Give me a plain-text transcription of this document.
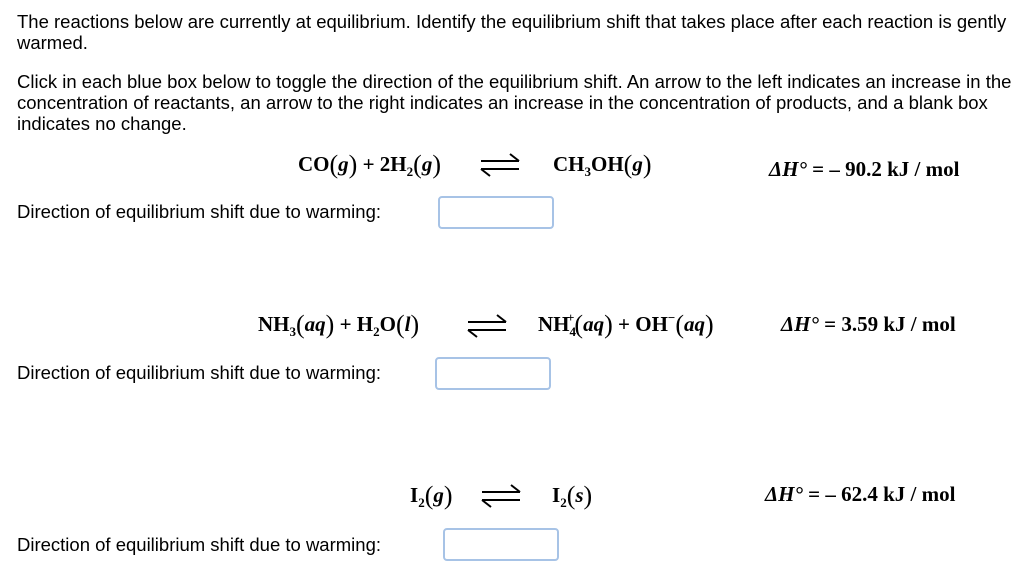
The reactions below are currently at equilibrium. Identify the equilibrium shift that takes place after each reaction is gently warmed.

Click in each blue box below to toggle the direction of the equilibrium shift. An arrow to the left indicates an increase in the concentration of reactants, an arrow to the right indicates an increase in the concentration of products, and a blank box indicates no change.

$CO(g) + 2H_2(g)$	$CH_3OH(g)$	ΔH° = – 90.2 kJ / mol
Direction of equilibrium shift due to warming:
$NH_3(aq) + H_2O(l)$	$NH_4^+(aq) + OH^-(aq)$	ΔH° = 3.59 kJ / mol
Direction of equilibrium shift due to warming:
$I_2(g)$	$I_2(s)$	ΔH° = – 62.4 kJ / mol
Direction of equilibrium shift due to warming:
